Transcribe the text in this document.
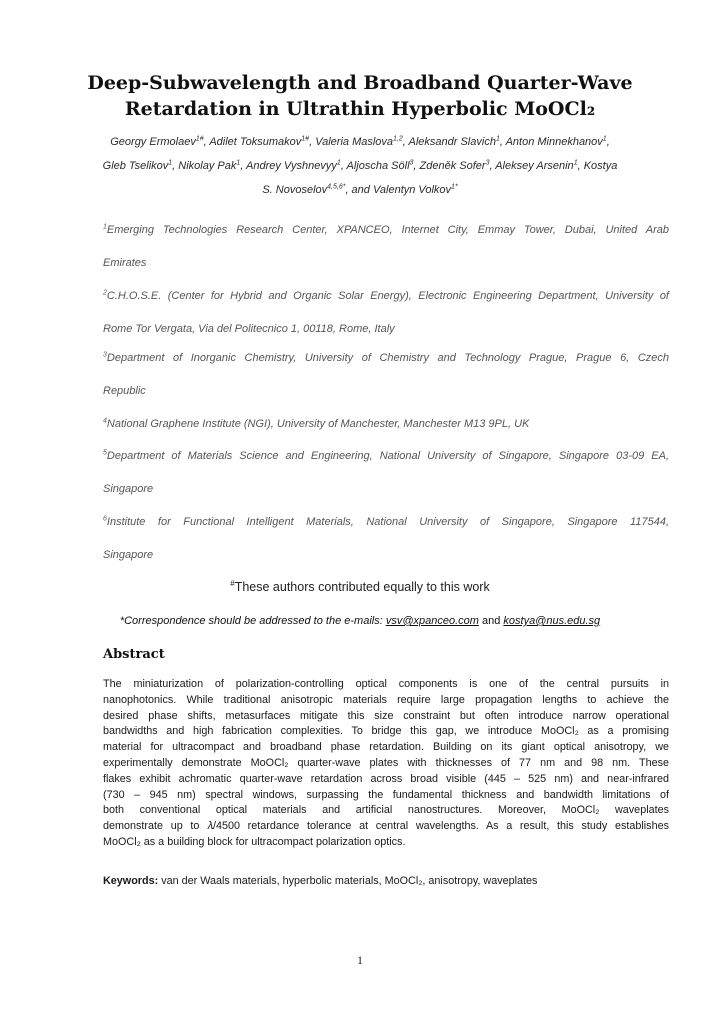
Deep-Subwavelength and Broadband Quarter-Wave
Retardation in Ultrathin Hyperbolic MoOCl₂
Georgy Ermolaev$^{1\#}$, Adilet Toksumakov$^{1\#}$, Valeria Maslova$^{1,2}$, Aleksandr Slavich$^1$, Anton Minnekhanov$^1$, Gleb Tselikov$^1$, Nikolay Pak$^1$, Andrey Vyshnevyy$^1$, Aljoscha Söll$^3$, Zdeněk Sofer$^3$, Aleksey Arsenin$^1$, Kostya S. Novoselov$^{4,5,6*}$, and Valentyn Volkov$^{1*}$
$^1$Emerging Technologies Research Center, XPANCEO, Internet City, Emmay Tower, Dubai, United Arab
Emirates
$^2$C.H.O.S.E. (Center for Hybrid and Organic Solar Energy), Electronic Engineering Department, University of
Rome Tor Vergata, Via del Politecnico 1, 00118, Rome, Italy
$^3$Department of Inorganic Chemistry, University of Chemistry and Technology Prague, Prague 6, Czech
Republic
$^4$National Graphene Institute (NGI), University of Manchester, Manchester M13 9PL, UK
$^5$Department of Materials Science and Engineering, National University of Singapore, Singapore 03-09 EA,
Singapore
$^6$Institute for Functional Intelligent Materials, National University of Singapore, Singapore 117544,
Singapore
#These authors contributed equally to this work
*Correspondence should be addressed to the e-mails: vsv@xpanceo.com and kostya@nus.edu.sg
Abstract
The miniaturization of polarization-controlling optical components is one of the central pursuits in
nanophotonics. While traditional anisotropic materials require large propagation lengths to achieve the
desired phase shifts, metasurfaces mitigate this size constraint but often introduce narrow operational
bandwidths and high fabrication complexities. To bridge this gap, we introduce MoOCl₂ as a promising
material for ultracompact and broadband phase retardation. Building on its giant optical anisotropy, we
experimentally demonstrate MoOCl₂ quarter-wave plates with thicknesses of 77 nm and 98 nm. These
flakes exhibit achromatic quarter-wave retardation across broad visible (445 – 525 nm) and near-infrared
(730 – 945 nm) spectral windows, surpassing the fundamental thickness and bandwidth limitations of
both conventional optical materials and artificial nanostructures. Moreover, MoOCl₂ waveplates
demonstrate up to 𝜆/4500 retardance tolerance at central wavelengths. As a result, this study establishes
MoOCl₂ as a building block for ultracompact polarization optics.
Keywords: van der Waals materials, hyperbolic materials, MoOCl₂, anisotropy, waveplates
1
